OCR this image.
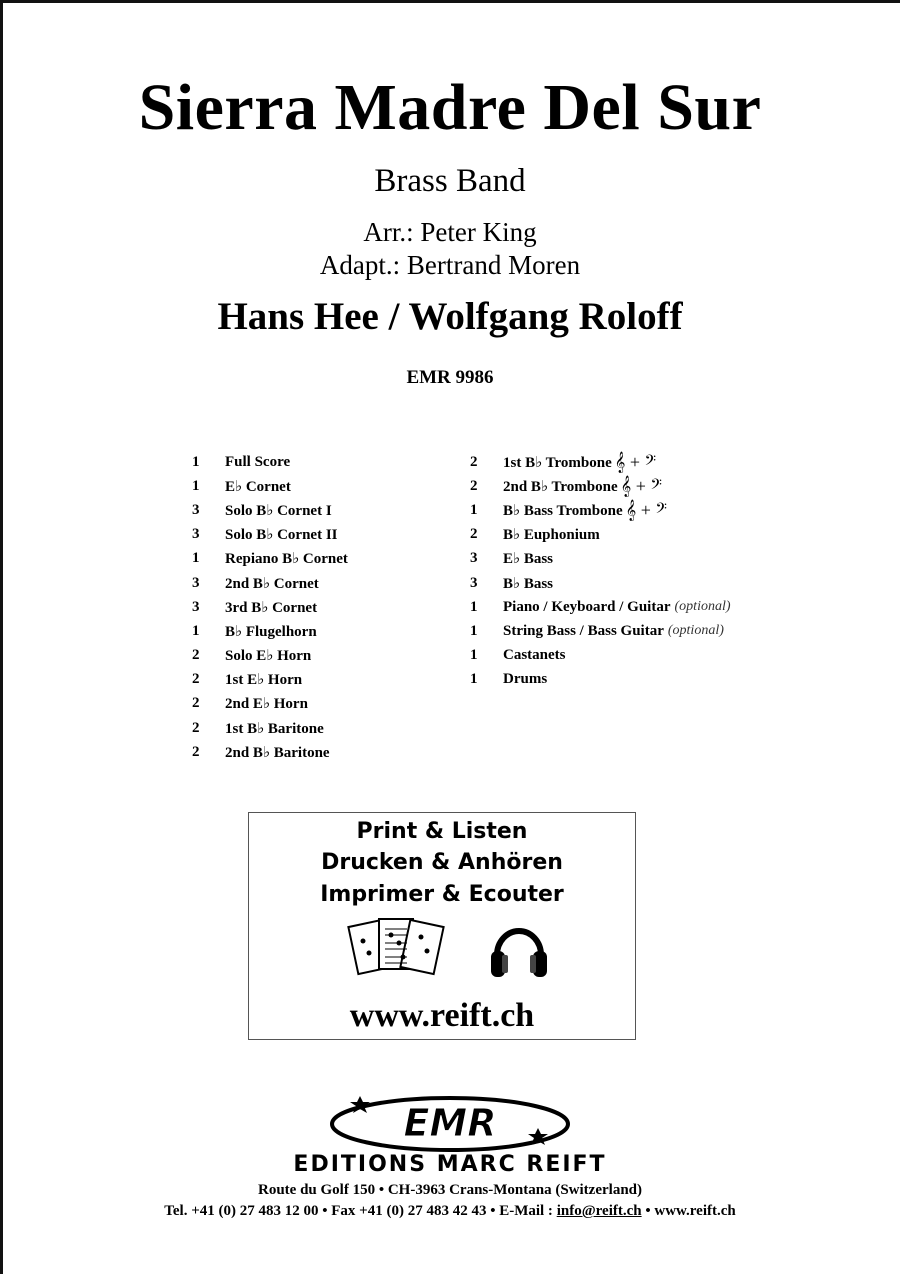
Sierra Madre Del Sur
Brass Band
Arr.: Peter King
Adapt.: Bertrand Moren
Hans Hee / Wolfgang Roloff
EMR 9986
1	Full Score
1	E♭ Cornet
3	Solo B♭ Cornet I
3	Solo B♭ Cornet II
1	Repiano B♭ Cornet
3	2nd B♭ Cornet
3	3rd B♭ Cornet
1	B♭ Flugelhorn
2	Solo E♭ Horn
2	1st E♭ Horn
2	2nd E♭ Horn
2	1st B♭ Baritone
2	2nd B♭ Baritone
2	1st B♭ Trombone 𝄞 + 𝄢
2	2nd B♭ Trombone 𝄞 + 𝄢
1	B♭ Bass Trombone 𝄞 + 𝄢
2	B♭ Euphonium
3	E♭ Bass
3	B♭ Bass
1	Piano / Keyboard / Guitar (optional)
1	String Bass / Bass Guitar (optional)
1	Castanets
1	Drums
Print & Listen
Drucken & Anhören
Imprimer & Ecouter
www.reift.ch
EMR
EDITIONS MARC REIFT
Route du Golf 150 • CH-3963 Crans-Montana (Switzerland)
Tel. +41 (0) 27 483 12 00 • Fax +41 (0) 27 483 42 43 • E-Mail : info@reift.ch • www.reift.ch
